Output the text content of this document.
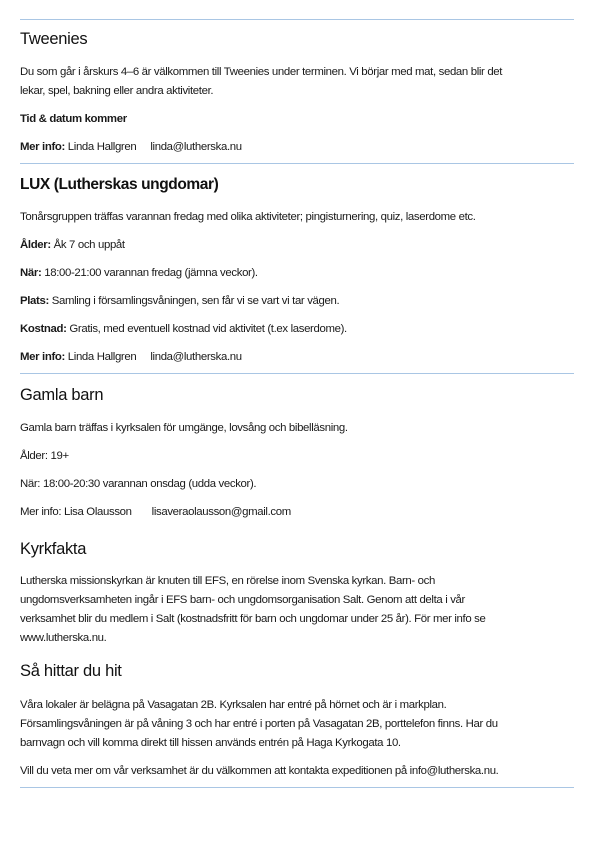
Tweenies

Du som går i årskurs 4–6 är välkommen till Tweenies under terminen. Vi börjar med mat, sedan blir det

lekar, spel, bakning eller andra aktiviteter.

Tid & datum kommer

Mer info: Linda Hallgren linda@lutherska.nu

LUX (Lutherskas ungdomar)

Tonårsgruppen träffas varannan fredag med olika aktiviteter; pingisturnering, quiz, laserdome etc.

Ålder: Åk 7 och uppåt

När: 18:00-21:00 varannan fredag (jämna veckor).

Plats: Samling i församlingsvåningen, sen får vi se vart vi tar vägen.

Kostnad: Gratis, med eventuell kostnad vid aktivitet (t.ex laserdome).

Mer info: Linda Hallgren linda@lutherska.nu

Gamla barn

Gamla barn träffas i kyrksalen för umgänge, lovsång och bibelläsning.

Ålder: 19+

När: 18:00-20:30 varannan onsdag (udda veckor).

Mer info: Lisa Olausson lisaveraolausson@gmail.com

Kyrkfakta

Lutherska missionskyrkan är knuten till EFS, en rörelse inom Svenska kyrkan. Barn- och

ungdomsverksamheten ingår i EFS barn- och ungdomsorganisation Salt. Genom att delta i vår

verksamhet blir du medlem i Salt (kostnadsfritt för barn och ungdomar under 25 år). För mer info se

www.lutherska.nu.

Så hittar du hit

Våra lokaler är belägna på Vasagatan 2B. Kyrksalen har entré på hörnet och är i markplan.

Församlingsvåningen är på våning 3 och har entré i porten på Vasagatan 2B, porttelefon finns. Har du

barnvagn och vill komma direkt till hissen används entrén på Haga Kyrkogata 10.

Vill du veta mer om vår verksamhet är du välkommen att kontakta expeditionen på info@lutherska.nu.
